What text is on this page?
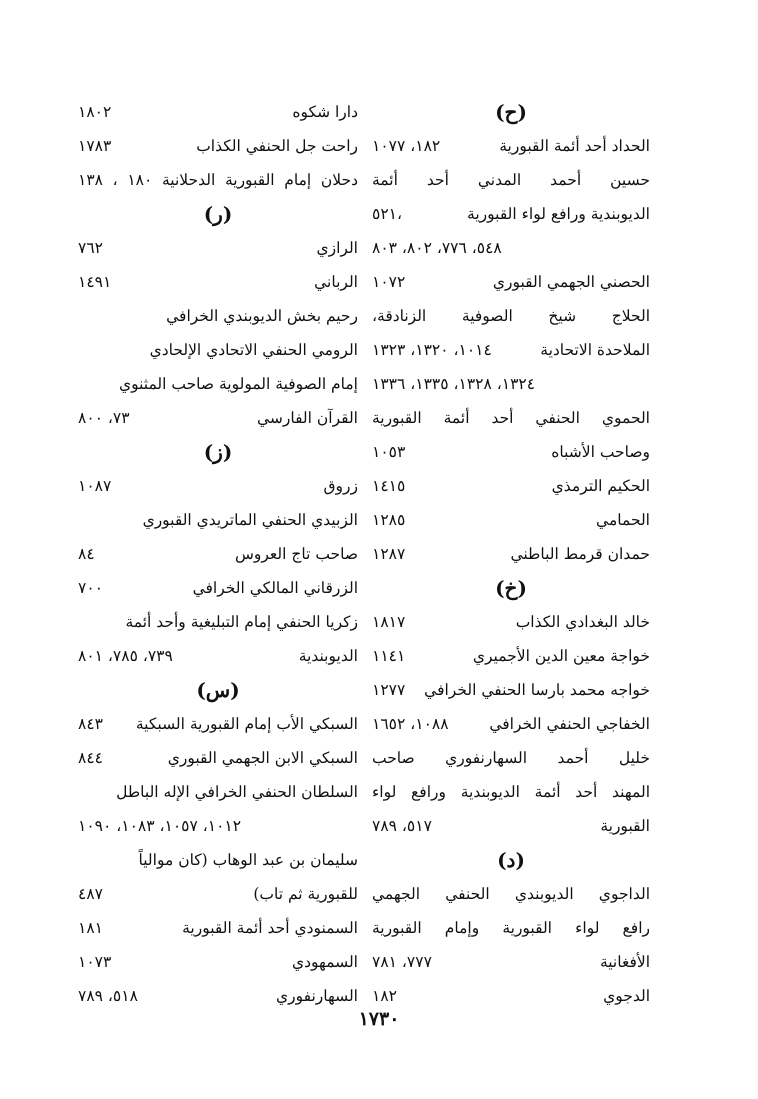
(ح)
الحداد أحد أئمة القبورية
١٨٢، ١٠٧٧
حسين أحمد المدني أحد أئمة
الديوبندية ورافع لواء القبورية
،٥٢١
٥٤٨، ٧٧٦، ٨٠٢، ٨٠٣
الحصني الجهمي القبوري
١٠٧٢
الحلاج شيخ الصوفية الزنادقة،
الملاحدة الاتحادية
١٠١٤، ١٣٢٠، ١٣٢٣
١٣٢٤، ١٣٢٨، ١٣٣٥، ١٣٣٦
الحموي الحنفي أحد أئمة القبورية
وصاحب الأشباه
١٠٥٣
الحكيم الترمذي
١٤١٥
الحمامي
١٢٨٥
حمدان قرمط الباطني
١٢٨٧
(خ)
خالد البغدادي الكذاب
١٨١٧
خواجة معين الدين الأجميري
١١٤١
خواجه محمد بارسا الحنفي الخرافي
١٢٧٧
الخفاجي الحنفي الخرافي
١٠٨٨، ١٦٥٢
خليل أحمد السهارنفوري صاحب
المهند أحد أئمة الديوبندية ورافع لواء
القبورية
٥١٧، ٧٨٩
(د)
الداجوي الديوبندي الحنفي الجهمي
رافع لواء القبورية وإمام القبورية
الأفغانية
٧٧٧، ٧٨١
الدجوي
١٨٢
دارا شكوه
١٨٠٢
راحت جل الحنفي الكذاب
١٧٨٣
دحلان إمام القبورية الدحلانية ١٨٠ ، ١٣٨
(ر)
الرازي
٧٦٢
الرباني
١٤٩١
رحيم بخش الديوبندي الخرافي
الرومي الحنفي الاتحادي الإلحادي
إمام الصوفية المولوية صاحب المثنوي
القرآن الفارسي
٧٣، ٨٠٠
(ز)
زروق
١٠٨٧
الزبيدي الحنفي الماتريدي القبوري
صاحب تاج العروس
٨٤
الزرقاني المالكي الخرافي
٧٠٠
زكريا الحنفي إمام التبليغية وأحد أئمة
الديوبندية
٧٣٩، ٧٨٥، ٨٠١
(س)
السبكي الأب إمام القبورية السبكية
٨٤٣
السبكي الابن الجهمي القبوري
٨٤٤
السلطان الحنفي الخرافي الإله الباطل
١٠١٢، ١٠٥٧، ١٠٨٣، ١٠٩٠
سليمان بن عبد الوهاب (كان موالياً
للقبورية ثم تاب)
٤٨٧
السمنودي أحد أئمة القبورية
١٨١
السمهودي
١٠٧٣
السهارنفوري
٥١٨، ٧٨٩
١٧٣٠
